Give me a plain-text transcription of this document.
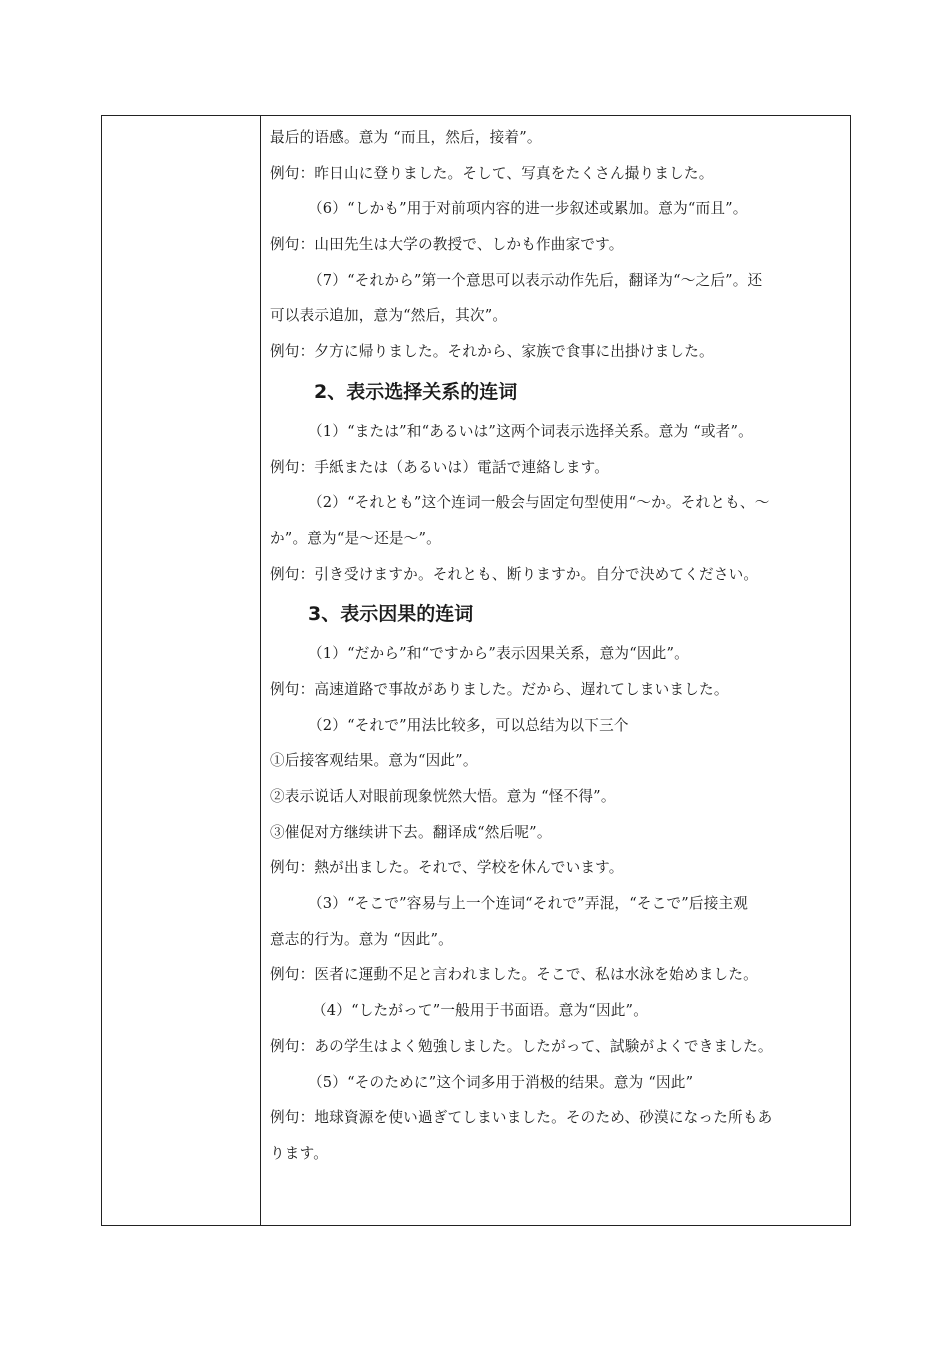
最后的语感。意为 “而且，然后，接着”。
例句：昨日山に登りました。そして、写真をたくさん撮りました。
（6）“しかも”用于对前项内容的进一步叙述或累加。意为“而且”。
例句：山田先生は大学の教授で、しかも作曲家です。
（7）“それから”第一个意思可以表示动作先后，翻译为“～之后”。还
可以表示追加，意为“然后，其次”。
例句：夕方に帰りました。それから、家族で食事に出掛けました。
2、表示选择关系的连词
（1）“または”和“あるいは”这两个词表示选择关系。意为 “或者”。
例句：手紙または（あるいは）電話で連絡します。
（2）“それとも”这个连词一般会与固定句型使用“～か。それとも、～
か”。意为“是～还是～”。
例句：引き受けますか。それとも、断りますか。自分で決めてください。
3、表示因果的连词
（1）“だから”和“ですから”表示因果关系，意为“因此”。
例句：高速道路で事故がありました。だから、遅れてしまいました。
（2）“それで”用法比较多，可以总结为以下三个
①后接客观结果。意为“因此”。
②表示说话人对眼前现象恍然大悟。意为 “怪不得”。
③催促对方继续讲下去。翻译成“然后呢”。
例句：熱が出ました。それで、学校を休んでいます。
（3）“そこで”容易与上一个连词“それで”弄混，“そこで”后接主观
意志的行为。意为 “因此”。
例句：医者に運動不足と言われました。そこで、私は水泳を始めました。
（4）“したがって”一般用于书面语。意为“因此”。
例句：あの学生はよく勉強しました。したがって、試験がよくできました。
（5）“そのために”这个词多用于消极的结果。意为 “因此”
例句：地球資源を使い過ぎてしまいました。そのため、砂漠になった所もあ
ります。
